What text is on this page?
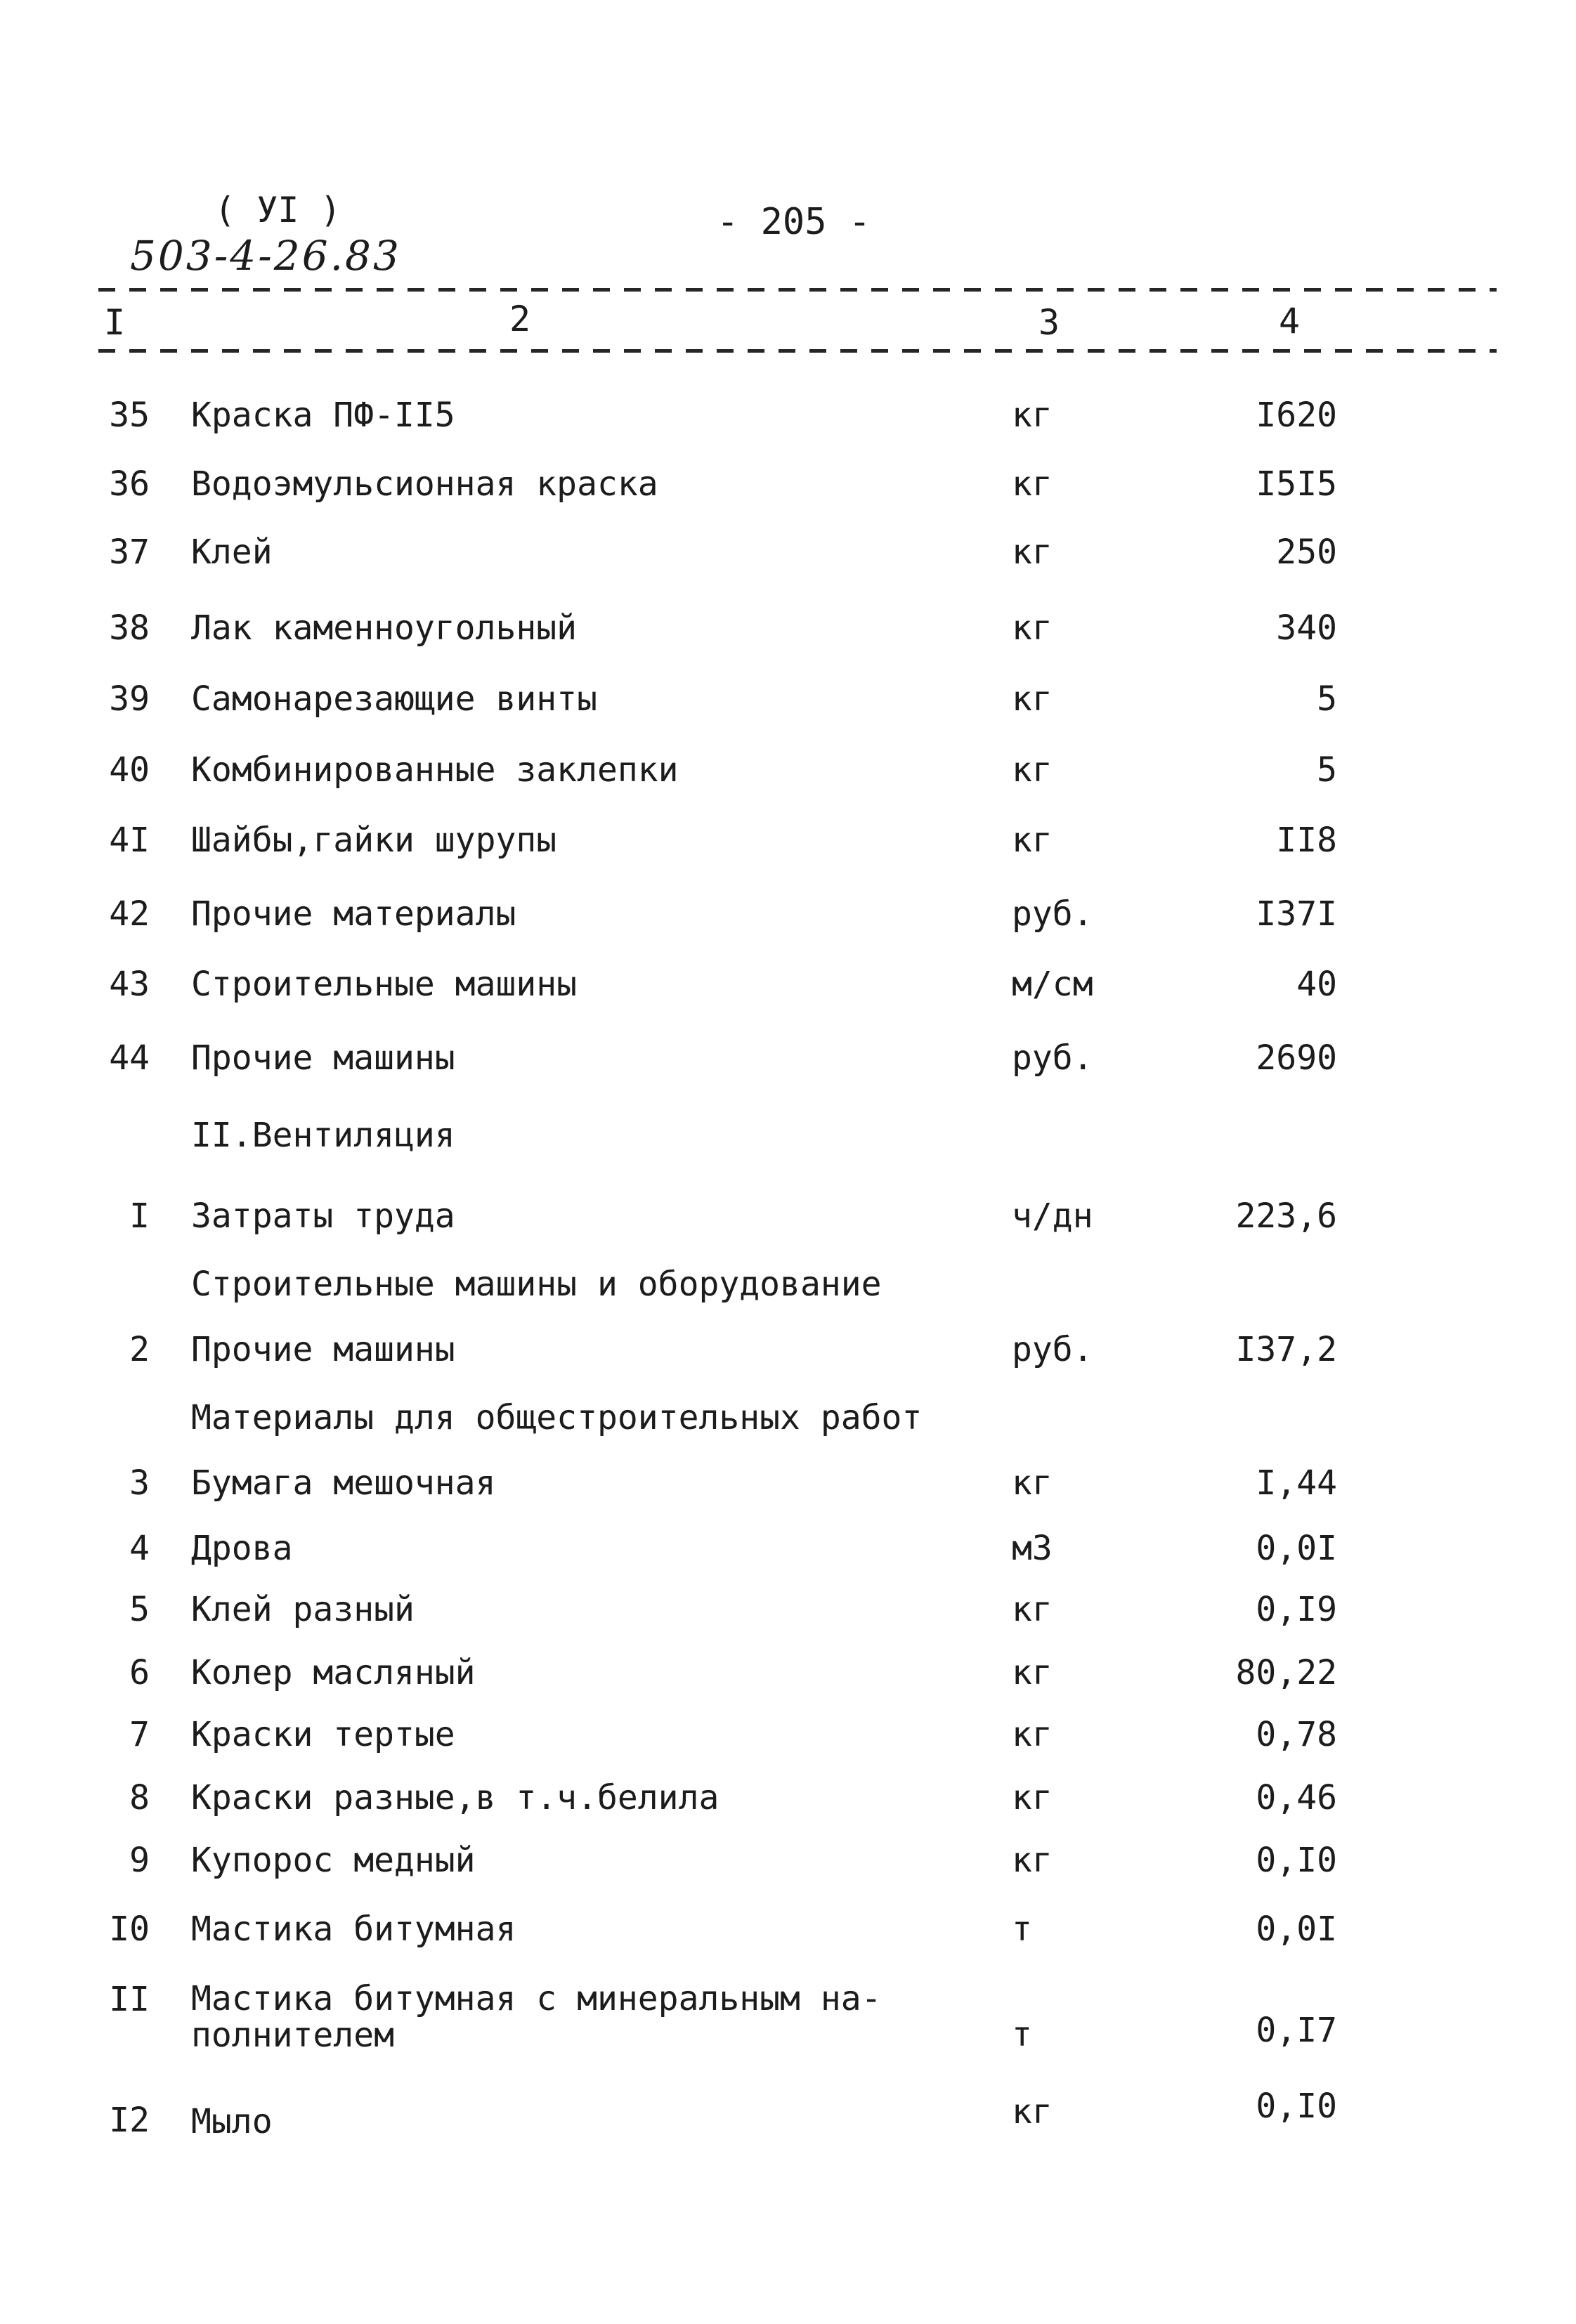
( УI )	- 205 -
503-4-26.83
I	2	3	4
35 Краска ПФ-II5	кг	I620
36 Водоэмульсионная краска	кг	I5I5
37 Клей	кг	250
38 Лак каменноугольный	кг	340
39 Самонарезающие винты	кг	5
40 Комбинированные заклепки	кг	5
4I Шайбы,гайки шурупы	кг	II8
42 Прочие материалы	руб.	I37I
43 Строительные машины	м/см	40
44 Прочие машины	руб.	2690
II.Вентиляция
I Затраты труда	ч/дн	223,6
Строительные машины и оборудование
2 Прочие машины	руб.	I37,2
Материалы для общестроительных работ
3 Бумага мешочная	кг	I,44
4 Дрова	м3	0,0I
5 Клей разный	кг	0,I9
6 Колер масляный	кг	80,22
7 Краски тертые	кг	0,78
8 Краски разные,в т.ч.белила	кг	0,46
9 Купорос медный	кг	0,I0
I0 Мастика битумная	т	0,0I
II Мастика битумная с минеральным на-
полнителем	т	0,I7
I2 Мыло	кг	0,I0
